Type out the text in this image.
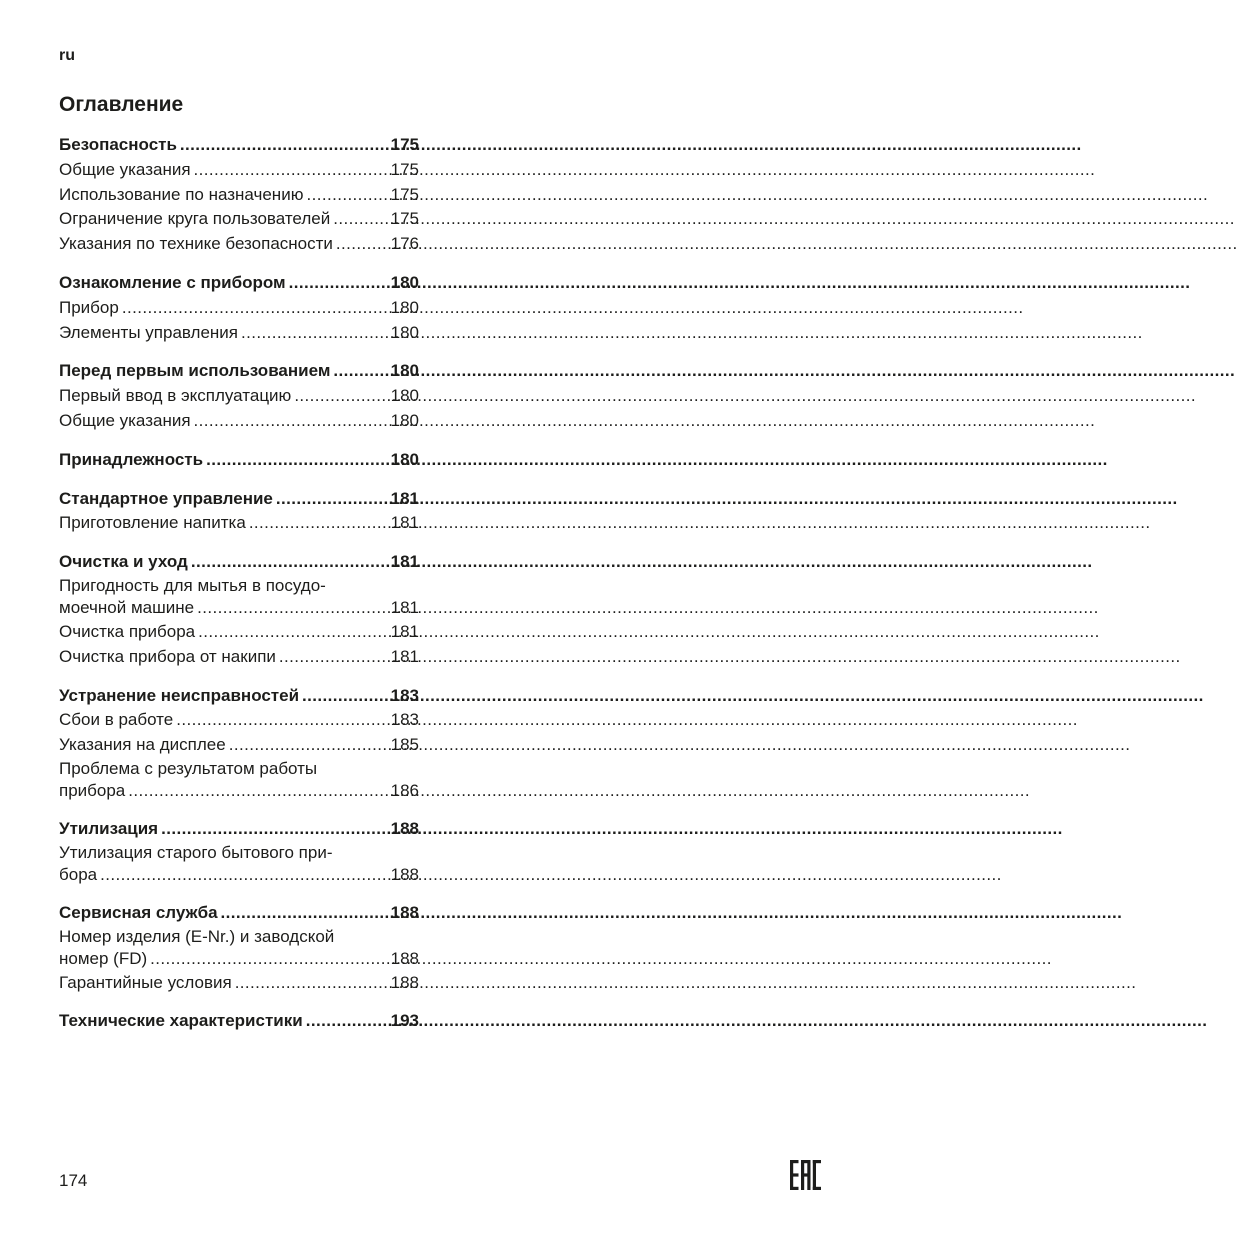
ru
Оглавление
Безопасность .....	175
Общие указания .....	175
Использование по назначению .....	175
Ограничение круга пользователей .....	175
Указания по технике безопасности .....	176
Ознакомление с прибором .....	180
Прибор .....	180
Элементы управления .....	180
Перед первым использованием .....	180
Первый ввод в эксплуатацию .....	180
Общие указания .....	180
Принадлежность .....	180
Стандартное управление .....	181
Приготовление напитка .....	181
Очистка и уход .....	181
Пригодность для мытья в посудо-
моечной машине .....	181
Очистка прибора .....	181
Очистка прибора от накипи .....	181
Устранение неисправностей .....	183
Сбои в работе .....	183
Указания на дисплее .....	185
Проблема с результатом работы
прибора .....	186
Утилизация .....	188
Утилизация старого бытового при-
бора .....	188
Сервисная служба .....	188
Номер изделия (E-Nr.) и заводской
номер (FD) .....	188
Гарантийные условия .....	188
Технические характеристики .....	193
174
